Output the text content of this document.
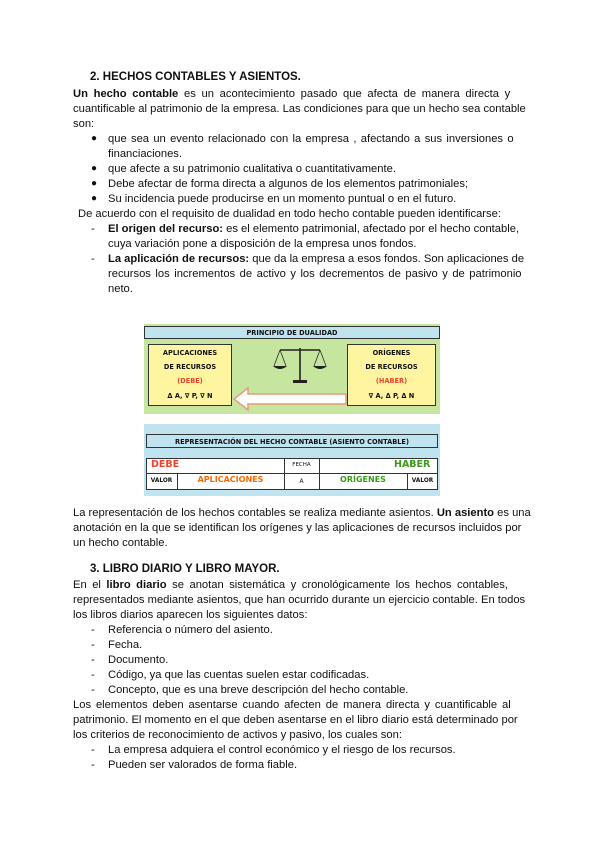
2. HECHOS CONTABLES Y ASIENTOS.
Un hecho contable es un acontecimiento pasado que afecta de manera directa y
cuantificable al patrimonio de la empresa. Las condiciones para que un hecho sea contable
son:
● que sea un evento relacionado con la empresa , afectando a sus inversiones o
financiaciones.
● que afecte a su patrimonio cualitativa o cuantitativamente.
● Debe afectar de forma directa a algunos de los elementos patrimoniales;
● Su incidencia puede producirse en un momento puntual o en el futuro.
De acuerdo con el requisito de dualidad en todo hecho contable pueden identificarse:
- El origen del recurso: es el elemento patrimonial, afectado por el hecho contable,
cuya variación pone a disposición de la empresa unos fondos.
- La aplicación de recursos: que da la empresa a esos fondos. Son aplicaciones de
recursos los incrementos de activo y los decrementos de pasivo y de patrimonio
neto.
PRINCIPIO DE DUALIDAD
APLICACIONES
DE RECURSOS
(DEBE)
Δ A, ∇ P, ∇ N
ORÍGENES
DE RECURSOS
(HABER)
∇ A, Δ P, Δ N
REPRESENTACIÓN DEL HECHO CONTABLE (ASIENTO CONTABLE)
DEBE	FECHA	HABER
VALOR	APLICACIONES	A	ORÍGENES	VALOR
La representación de los hechos contables se realiza mediante asientos. Un asiento es una
anotación en la que se identifican los orígenes y las aplicaciones de recursos incluidos por
un hecho contable.
3. LIBRO DIARIO Y LIBRO MAYOR.
En el libro diario se anotan sistemática y cronológicamente los hechos contables,
representados mediante asientos, que han ocurrido durante un ejercicio contable. En todos
los libros diarios aparecen los siguientes datos:
- Referencia o número del asiento.
- Fecha.
- Documento.
- Código, ya que las cuentas suelen estar codificadas.
- Concepto, que es una breve descripción del hecho contable.
Los elementos deben asentarse cuando afecten de manera directa y cuantificable al
patrimonio. El momento en el que deben asentarse en el libro diario está determinado por
los criterios de reconocimiento de activos y pasivo, los cuales son:
- La empresa adquiera el control económico y el riesgo de los recursos.
- Pueden ser valorados de forma fiable.
